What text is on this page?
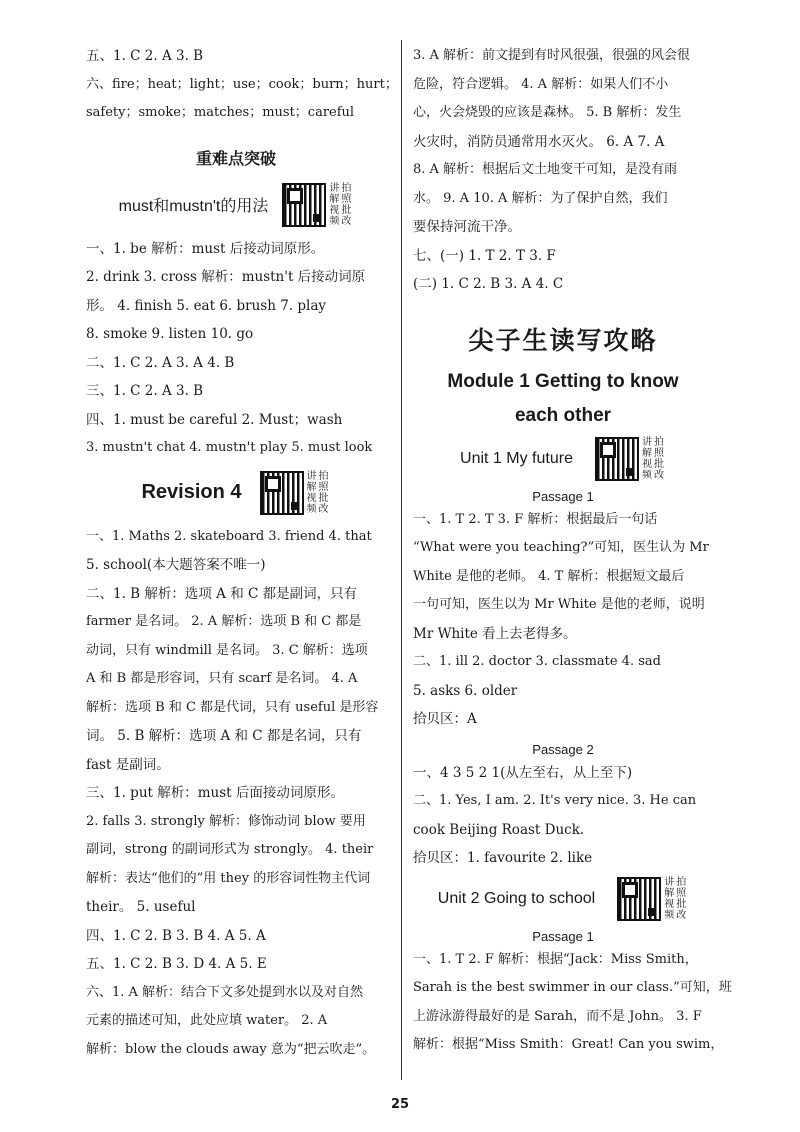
五、1. C 2. A 3. B
六、fire；heat；light；use；cook；burn；hurt；
safety；smoke；matches；must；careful
重难点突破
must和mustn't的用法
讲 拍
解 照
视 批
频 改
一、1. be 解析：must 后接动词原形。
2. drink 3. cross 解析：mustn't 后接动词原
形。 4. finish 5. eat 6. brush 7. play
8. smoke 9. listen 10. go
二、1. C 2. A 3. A 4. B
三、1. C 2. A 3. B
四、1. must be careful 2. Must；wash
3. mustn't chat 4. mustn't play 5. must look
Revision 4
讲 拍
解 照
视 批
频 改
一、1. Maths 2. skateboard 3. friend 4. that
5. school(本大题答案不唯一)
二、1. B 解析：选项 A 和 C 都是副词，只有
farmer 是名词。 2. A 解析：选项 B 和 C 都是
动词，只有 windmill 是名词。 3. C 解析：选项
A 和 B 都是形容词，只有 scarf 是名词。 4. A
解析：选项 B 和 C 都是代词，只有 useful 是形容
词。 5. B 解析：选项 A 和 C 都是名词，只有
fast 是副词。
三、1. put 解析：must 后面接动词原形。
2. falls 3. strongly 解析：修饰动词 blow 要用
副词，strong 的副词形式为 strongly。 4. their
解析：表达“他们的”用 they 的形容词性物主代词
their。 5. useful
四、1. C 2. B 3. B 4. A 5. A
五、1. C 2. B 3. D 4. A 5. E
六、1. A 解析：结合下文多处提到水以及对自然
元素的描述可知，此处应填 water。 2. A
解析：blow the clouds away 意为“把云吹走”。
3. A 解析：前文提到有时风很强，很强的风会很
危险，符合逻辑。 4. A 解析：如果人们不小
心，火会烧毁的应该是森林。 5. B 解析：发生
火灾时，消防员通常用水灭火。 6. A 7. A
8. A 解析：根据后文土地变干可知，是没有雨
水。 9. A 10. A 解析：为了保护自然，我们
要保持河流干净。
七、(一) 1. T 2. T 3. F
(二) 1. C 2. B 3. A 4. C
尖子生读写攻略
Module 1 Getting to know
each other
Unit 1 My future
讲 拍
解 照
视 批
频 改
Passage 1
一、1. T 2. T 3. F 解析：根据最后一句话
“What were you teaching?”可知，医生认为 Mr
White 是他的老师。 4. T 解析：根据短文最后
一句可知，医生以为 Mr White 是他的老师，说明
Mr White 看上去老得多。
二、1. ill 2. doctor 3. classmate 4. sad
5. asks 6. older
拾贝区：A
Passage 2
一、4 3 5 2 1(从左至右，从上至下)
二、1. Yes, I am. 2. It's very nice. 3. He can
cook Beijing Roast Duck.
拾贝区：1. favourite 2. like
Unit 2 Going to school
讲 拍
解 照
视 批
频 改
Passage 1
一、1. T 2. F 解析：根据“Jack：Miss Smith，
Sarah is the best swimmer in our class.”可知，班
上游泳游得最好的是 Sarah，而不是 John。 3. F
解析：根据“Miss Smith：Great! Can you swim，
25
